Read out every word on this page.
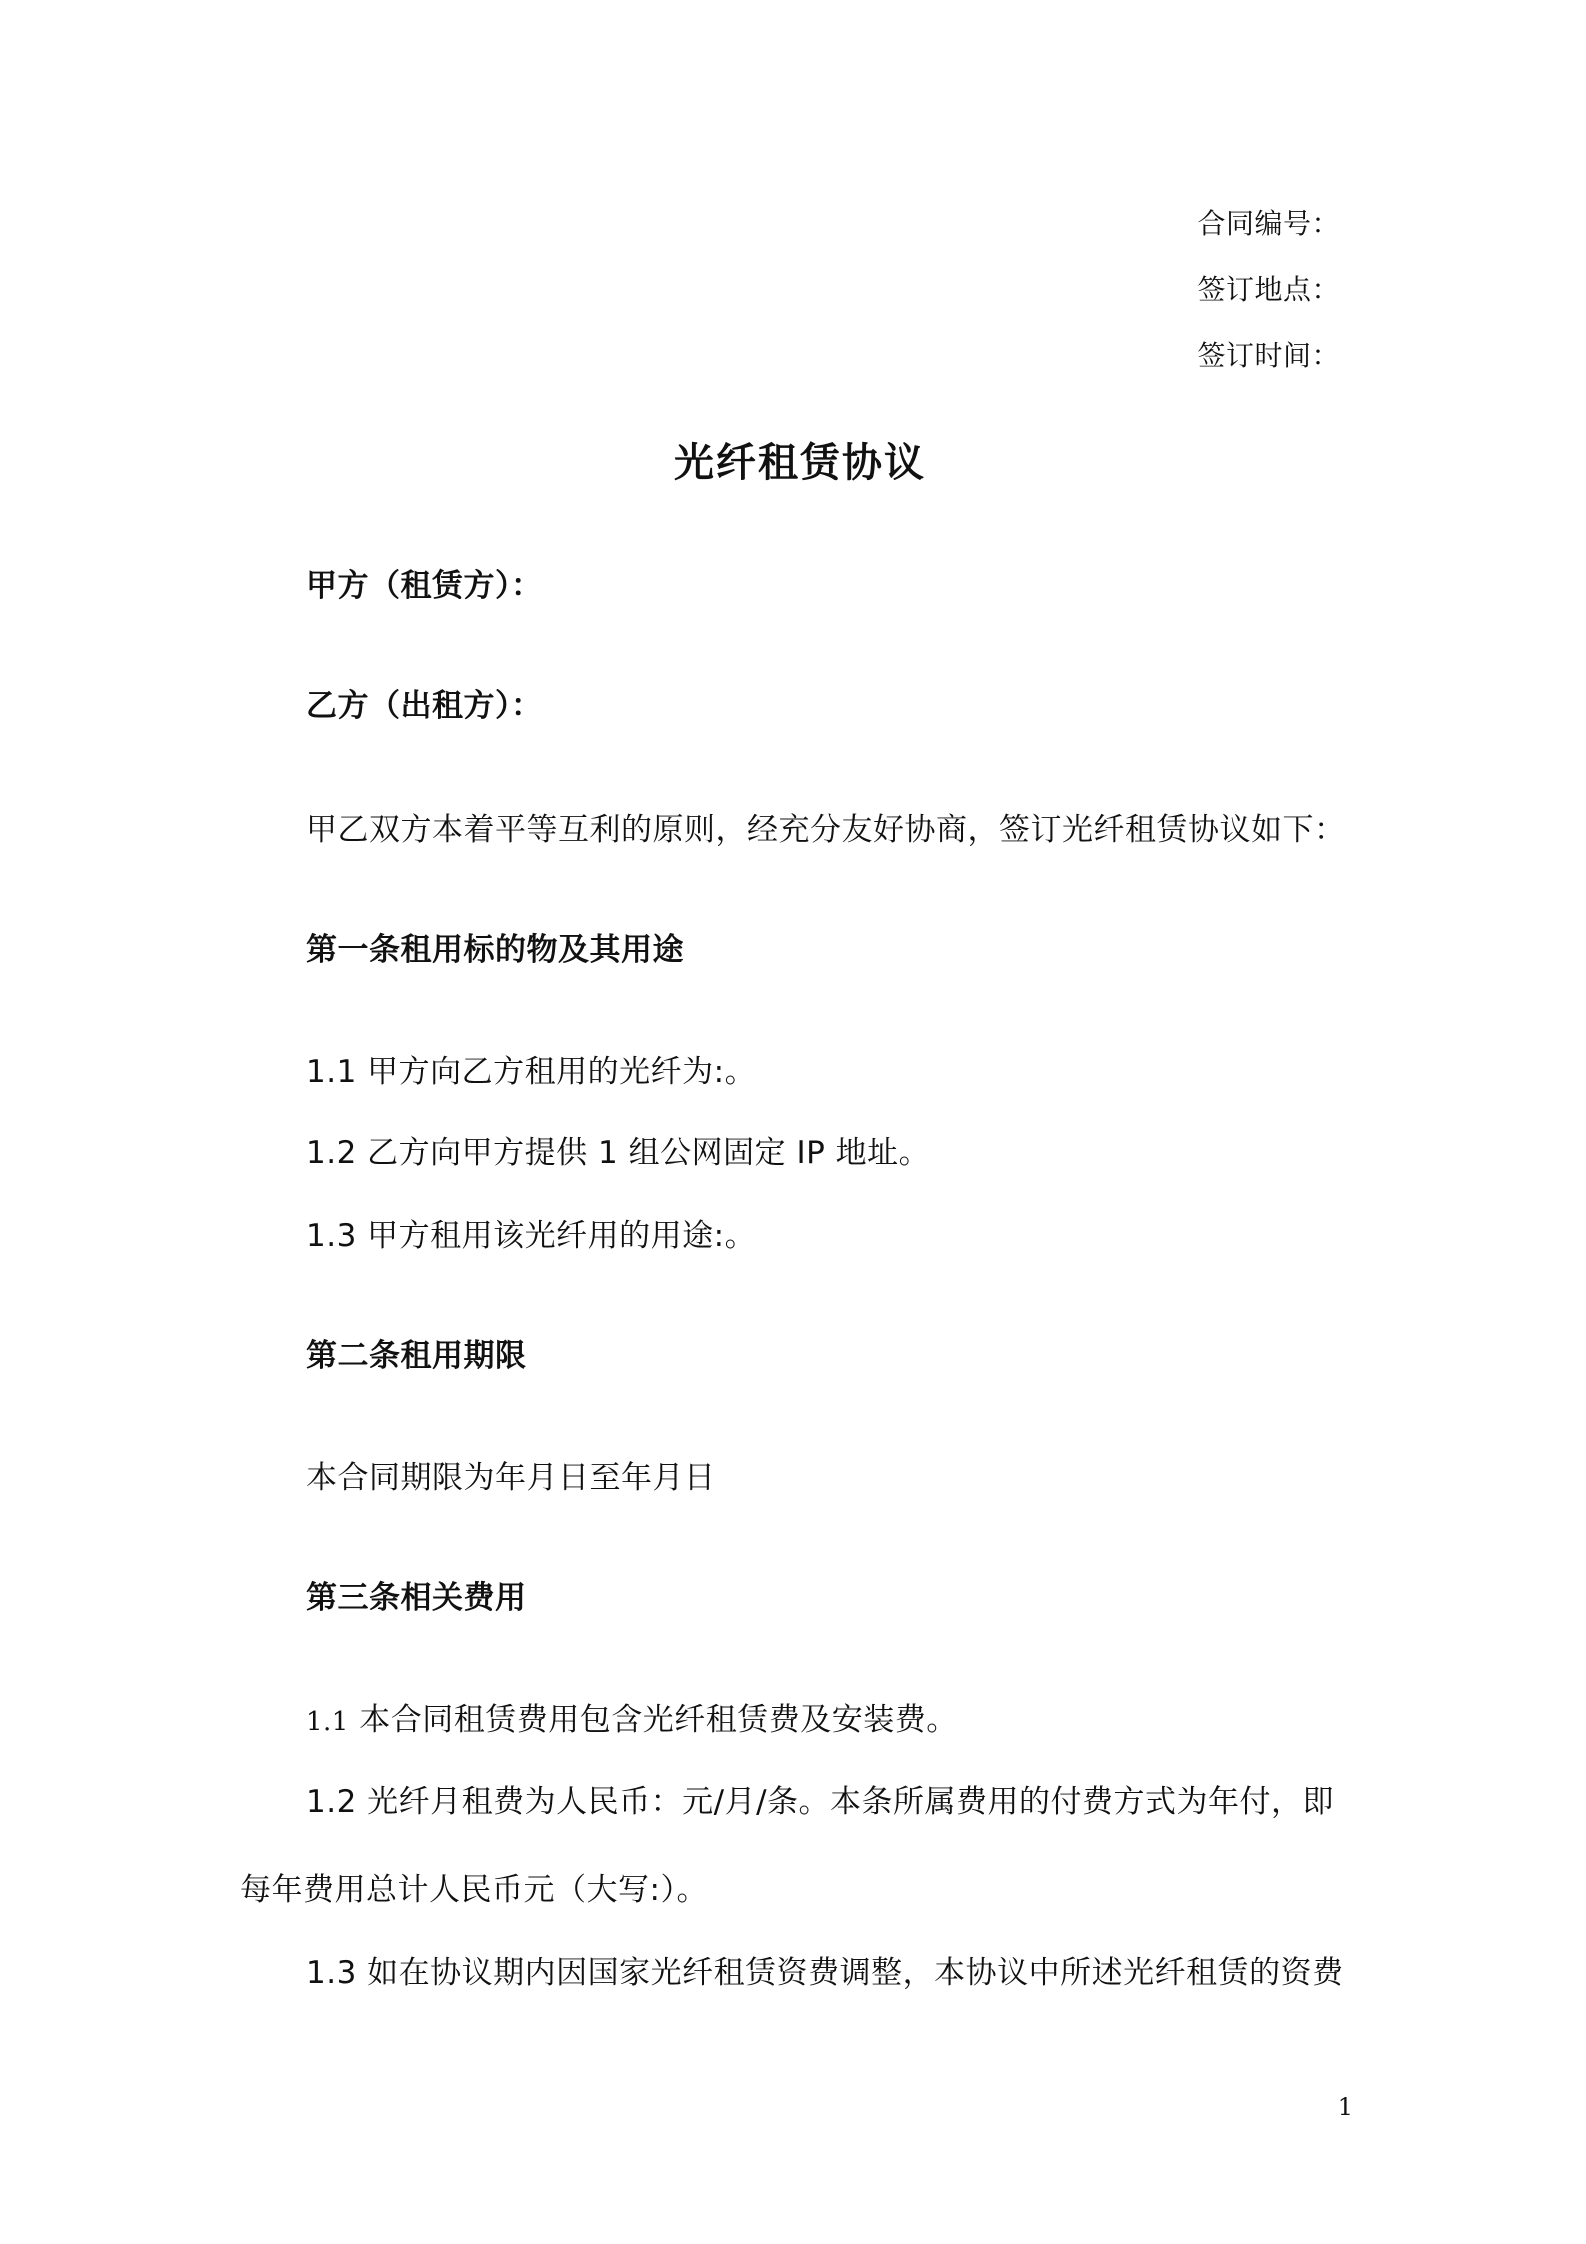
合同编号：
签订地点：
签订时间：
光纤租赁协议
甲方（租赁方）：
乙方（出租方）：
甲乙双方本着平等互利的原则，经充分友好协商，签订光纤租赁协议如下：
第一条租用标的物及其用途
1.1 甲方向乙方租用的光纤为:。
1.2 乙方向甲方提供 1 组公网固定 IP 地址。
1.3 甲方租用该光纤用的用途:。
第二条租用期限
本合同期限为年月日至年月日
第三条相关费用
1.1 本合同租赁费用包含光纤租赁费及安装费。
1.2 光纤月租费为人民币：元/月/条。本条所属费用的付费方式为年付，即
每年费用总计人民币元（大写:）。
1.3 如在协议期内因国家光纤租赁资费调整，本协议中所述光纤租赁的资费
1
